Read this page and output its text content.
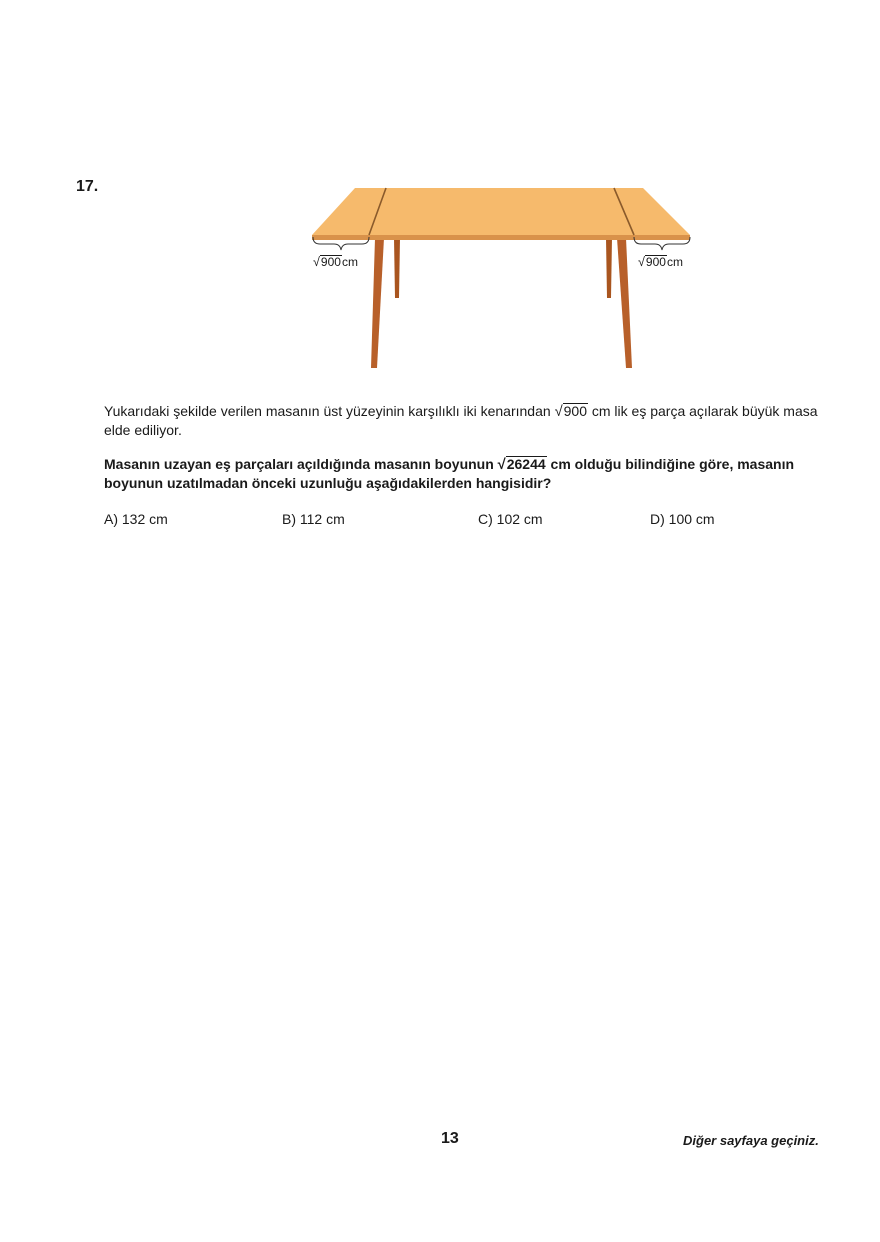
17.
√900cm	√900cm
Yukarıdaki şekilde verilen masanın üst yüzeyinin karşılıklı iki kenarından √900 cm lik eş parça açılarak büyük masa elde ediliyor.
Masanın uzayan eş parçaları açıldığında masanın boyunun √26244 cm olduğu bilindiğine göre, masanın boyunun uzatılmadan önceki uzunluğu aşağıdakilerden hangisidir?
A) 132 cm	B) 112 cm	C) 102 cm	D) 100 cm
13	Diğer sayfaya geçiniz.
